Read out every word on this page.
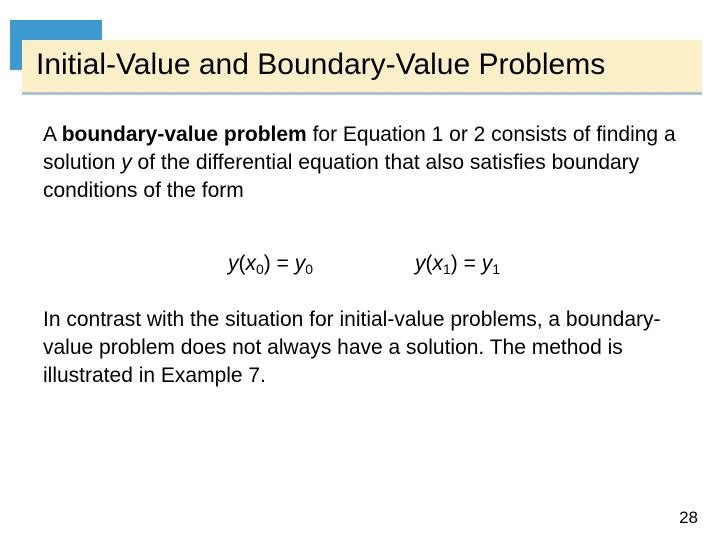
Initial-Value and Boundary-Value Problems
A boundary-value problem for Equation 1 or 2 consists of finding a solution y of the differential equation that also satisfies boundary conditions of the form
$y(x_0) = y_0$	$y(x_1) = y_1$
In contrast with the situation for initial-value problems, a boundary-value problem does not always have a solution. The method is illustrated in Example 7.
28
